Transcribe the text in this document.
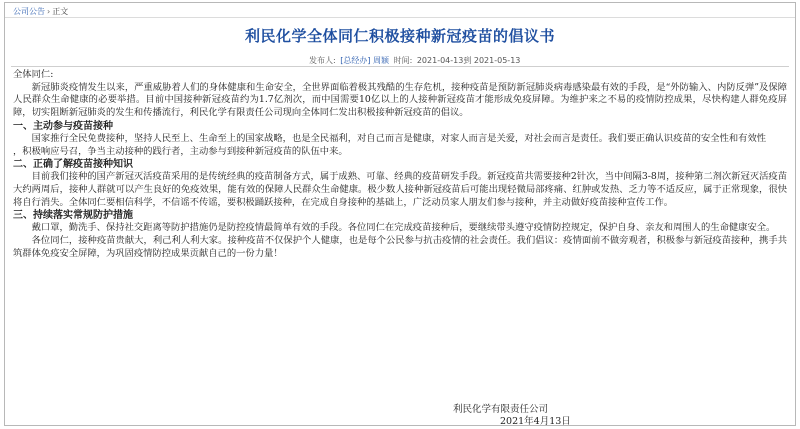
公司公告 › 正文
利民化学全体同仁积极接种新冠疫苗的倡议书
发布人: [总经办] 周颖 时间: 2021-04-13到 2021-05-13

全体同仁:

新冠肺炎疫情发生以来，严重威胁着人们的身体健康和生命安全，全世界面临着极其残酷的生存危机，接种疫苗是预防新冠肺炎病毒感染最有效的手段，是“外防输入、内防反弹”及保障人民群众生命健康的必要举措。目前中国接种新冠疫苗约为1.7亿剂次，而中国需要10亿以上的人接种新冠疫苗才能形成免疫屏障。为维护来之不易的疫情防控成果，尽快构建人群免疫屏障，切实阻断新冠肺炎的发生和传播流行，利民化学有限责任公司现向全体同仁发出积极接种新冠疫苗的倡议。

一、主动参与疫苗接种

国家推行全民免费接种，坚持人民至上、生命至上的国家战略，也是全民福利，对自己而言是健康，对家人而言是关爱，对社会而言是责任。我们要正确认识疫苗的安全性和有效性

，积极响应号召，争当主动接种的践行者，主动参与到接种新冠疫苗的队伍中来。

二、正确了解疫苗接种知识

目前我们接种的国产新冠灭活疫苗采用的是传统经典的疫苗制备方式，属于成熟、可靠、经典的疫苗研发手段。新冠疫苗共需要接种2针次，当中间隔3-8周，接种第二剂次新冠灭活疫苗大约两周后，接种人群就可以产生良好的免疫效果，能有效的保障人民群众生命健康。极少数人接种新冠疫苗后可能出现轻微局部疼痛、红肿或发热、乏力等不适反应，属于正常现象，很快将自行消失。全体同仁要相信科学，不信谣不传谣，要积极踊跃接种，在完成自身接种的基础上，广泛动员家人朋友们参与接种，并主动做好疫苗接种宣传工作。

三、持续落实常规防护措施

戴口罩，勤洗手、保持社交距离等防护措施仍是防控疫情最简单有效的手段。各位同仁在完成疫苗接种后，要继续带头遵守疫情防控规定，保护自身、亲友和周围人的生命健康安全。

各位同仁，接种疫苗贵献大，利己利人利大家。接种疫苗不仅保护个人健康，也是每个公民参与抗击疫情的社会责任。我们倡议：疫情面前不做旁观者，积极参与新冠疫苗接种，携手共筑群体免疫安全屏障，为巩固疫情防控成果贡献自己的一份力量！

利民化学有限责任公司
2021年4月13日
